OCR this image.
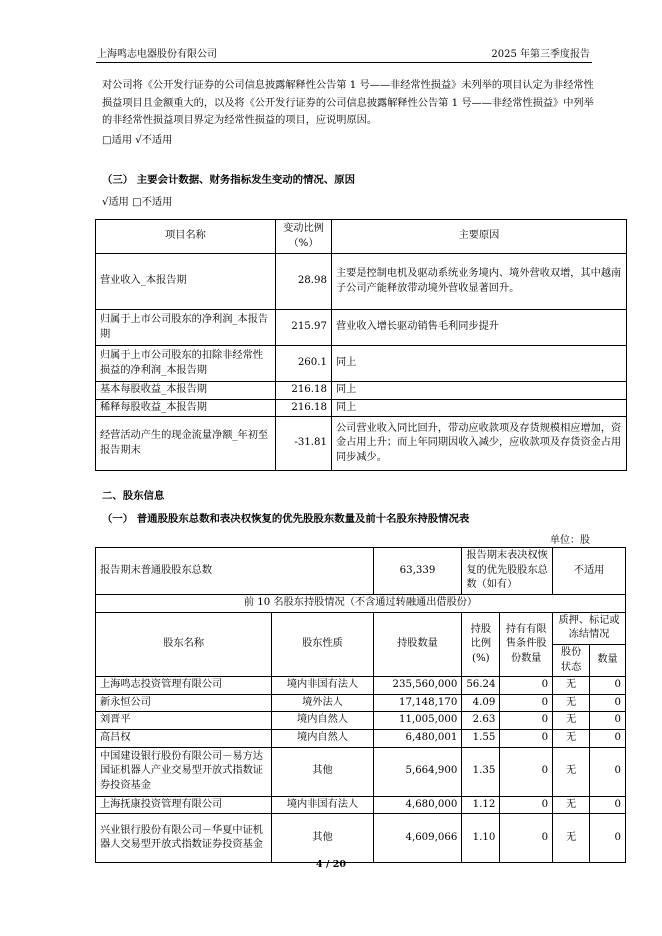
上海鸣志电器股份有限公司	2025 年第三季度报告

对公司将《公开发行证券的公司信息披露解释性公告第 1 号——非经常性损益》未列举的项目认定为非经常性损益项目且金额重大的，以及将《公开发行证券的公司信息披露解释性公告第 1 号——非经常性损益》中列举的非经常性损益项目界定为经常性损益的项目，应说明原因。

□适用 √不适用
（三） 主要会计数据、财务指标发生变动的情况、原因
√适用 □不适用
项目名称	变动比例（%）	主要原因
营业收入_本报告期	28.98	主要是控制电机及驱动系统业务境内、境外营收双增，其中越南子公司产能释放带动境外营收显著回升。
归属于上市公司股东的净利润_本报告期	215.97	营业收入增长驱动销售毛利同步提升
归属于上市公司股东的扣除非经常性损益的净利润_本报告期	260.1	同上
基本每股收益_本报告期	216.18	同上
稀释每股收益_本报告期	216.18	同上
经营活动产生的现金流量净额_年初至报告期末	-31.81	公司营业收入同比回升，带动应收款项及存货规模相应增加，资金占用上升；而上年同期因收入减少，应收款项及存货资金占用同步减少。
二、股东信息
（一） 普通股股东总数和表决权恢复的优先股股东数量及前十名股东持股情况表
单位：股
报告期末普通股股东总数		63,339	报告期末表决权恢复的优先股股东总数（如有）		不适用	
前 10 名股东持股情况（不含通过转融通出借股份）						
股东名称	股东性质	持股数量	持股比例(%)	持有有限售条件股份数量	质押、标记或冻结情况	
					股份状态	数量
上海鸣志投资管理有限公司	境内非国有法人	235,560,000	56.24	0	无	0
新永恒公司	境外法人	17,148,170	4.09	0	无	0
刘晋平	境内自然人	11,005,000	2.63	0	无	0
高吕权	境内自然人	6,480,001	1.55	0	无	0
中国建设银行股份有限公司－易方达国证机器人产业交易型开放式指数证券投资基金	其他	5,664,900	1.35	0	无	0
上海抚康投资管理有限公司	境内非国有法人	4,680,000	1.12	0	无	0
兴业银行股份有限公司－华夏中证机器人交易型开放式指数证券投资基金	其他	4,609,066	1.10	0	无	0
4 / 20
